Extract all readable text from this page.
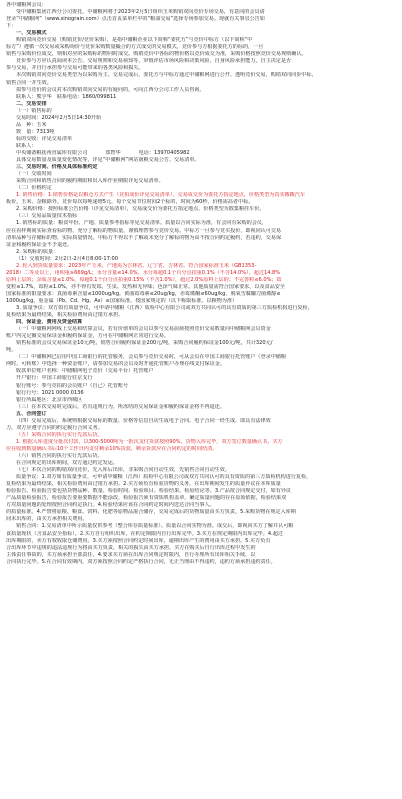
各中储粮网会员：
受中储粮集团江西分公司委托，中储粮网将于2023年2月5日组织玉米购销双向竞价专场交易，有意向的会员请
登录“中储粮网”（www.sinograin.com）点击首页菜单栏中的“粮油交易”选择专场参加交易。现就有关事宜公告如
下：
一、交易模式
购销双向竞价交易（购销竞价/竞价采购），是指中储粮企业以下简称“委托方”与竞价中标方（以下简称“中
标方”）遵循一次交易或采购询价与竞价采购数量撮合的方式成交的交易模式，竞价参与方根据委托方的标的，一旦
销售与采购价位成交，则相对应的采购标的物同时成交。购销竞价中各标的物价格以竞价成交为准，采购价格按照竞价交易规则确认。
竞价参与方应认真阅读本公告、交易规则和交易须知等，审慎评估市场风险和决策风险，自身风险承担能力，自主决定是否
参与交易，并自行承担参与交易可能带来的各类风险和损失。
本次购销双向竞价交易类型为以采购为主、交易完成后，委托方与中标方通过中储粮网进行公开、透明竞价交易，购销双向同步中标、
销售合同一并生效。
拟参与竞价的会员对本次购销双向交易的有疑问的，可向江西分公司工作人员咨询。
联系人：熊宇华　联系电话：1860/099811
二、交易安排
（一）销售标的
交易时间：2024年2月5日14:30开始
品　种：玉米
数　量：7313吨
标的交收：详见交易清单
联系人：
中央储备粮抚州直属库有限公司	郑智华	电话：13970405982
具体交易数量及质量变化情况等，详见“中储粮网”网站南粮交易公告、交易清单。
三、交易时间、价格及具体标准约定
（一）交收时间
采购合同和销售合同的履约期限和出入库作业期限详见交易清单。
（二）价格约定
1. 销售价格：1.销售价格是以粮仓方式产生（竞拍成价详见交易清单），交易成交价为委托方指定地点，价格类型为真实敞敞汽车
板价，玉米、杂粮除外。竞价每次每吨递增5元，每个交易节位时间2个标的，时间为60秒，价格需高者中标。
2. 采购价格：按照标准公告价格（详见交易清单），交易成交价为委托方指定地点，价格类型为散集粮挂车价。
（三）交易品质量技术指标
1. 销售标的质量：粮食年份、产地、质量参考指标等见交易清单。质量以合同实际为准，有会同有采购的会员，
应在看样期间实际查看标的物，充分了解标的物质量，谨慎理智参与竞价交易。中标方一旦参与竞买投价，即视同认可交易
清单品种与存储标的物，实际质量情况。中标方不得以不了解或未充分了解标的物为由不按合同约定履约，若违约，交易保
证金和履约保证金不予退还。
2. 采购标的质量：
（1）交收时间：2月2日-2月4日8:00-17:00
2. 轮入到货质量要求：2023年产玉米，产地需为吉林省、辽宁省、吉林省、符合国家标准玉米（GB1353-
2018）二等及以上，用积重≥669g/L；水分含量≤14.0%，水分每超0.1个百分点扣重0.1%（不含14.0%）。超过14.8%
原料上层的；杂质含量≤1.0%，每超0.1个百分点扣重0.15%（不含1.0%），超过2.0%原料上层的；不完善粒≤6.0%；霉
变粒≤1.7%，霉粒≤1.0%，亦不得有发霉、生虫、发热和无异味；色泽气味正常。其他质量需符合国家要求，以及食品安全
国家标准的限量要求：真菌毒素含量≤1000ug/kg，黄曲霉毒素≤20ug/kg，赤霉烯酮≤60ug/kg，脱氧雪腐镰刀菌烯醇≤
1000ug/kg，重金属（Pb、Cd、Hg、As）≤国家标准。按国家规定的（以下称取标准、以粮物为准）
3. 质量争议：双方如有质量争议，可申请中储粮（江西）质检中心有限公司或双方共同认可的具有资质的第三方质检机构进行复检，
复检结果为最终结果，相关检验费用由过错方承担。
四、保证金、费用及资金结算
（一）中储粮网网线上交易和结算会员，若有价值单的会员以参与交易前须按照竞价交易数量向中储粮网会员资金
账户内完足额交易保证金和履约保证金，方可在中储粮网正常进行交易。
销售标准的会员交易保证金10元/吨，销售合同履约保证金200元/吨，采购合同履约保证金100元/吨，共计320元/
吨。
（二）中储粮网已启用中国工商银行的托管服务，会员参与竞价交易时，可从会员在中国工商银行托管账户（登录中储粮
网时，可转账）中选择一种资金账户，请参加交易的会员及时开通托管账户办理在线支付保证金。
收款单位账户名称：中储粮网电子竞价（交易平台）托管账户
开户银行：中国工商银行驻京支行
银行账号：参与竞拍的会员账户（自己）托管账号
银行行号：1021 0000 0136
银行所属地区：北京市西城区
（三）在本次交易时完成后，若有违规行为，所冻结的交易保证金和履约保证金将不再退还。
五、合同签订
（四）交易完成后，系统则根据交易标的数量、价格等信息自动生成电子合同。电子合同一经生成，即具有法律效
力，双方应遵守合同的约定履行合同义务。
（五）采购合同的执行实行先款后货。
1. 根据入库进度分批次付款，以300-5000吨为一批次支付货款按照90%，货物入库完毕，双方签订数量确认书。买方
应在收到数量确认书后10个工作日内支付剩余10%货款，剩余货款应在合同约定的时间结清。
（六）销售合同的执行实行先款后货。
在合同规定的出库期间，双方通过约定发运。
（七）本次合同的购销双向竞价，先入库后出库，非采购合同自动生效，先销售合同自动生效。
质量争议：1.双方如有质量争议，可申请中储粮（江西）质检中心有限公司或双方共同认可的具有资质的第三方质检机构进行复检，
复检结果为最终结果，相关检验费用由过错方承担。2.买方须负有检验货物的义务，在出库期间发生的质量异议在本库质量
检验报告。检验报告要包括货物品种、数量、检验时间、检验项目、检验结果、检验结论等。3.产品按合同规定交付，如有异议
产品质量检验报告，检验报告要重要数据不能涂改，检验报告须有资质机构盖章，确定质量问题的存在原始依据，检验结果双
方对质量问题的处理按照合同约定执行。4.检验结果应该在合同约定时间内送达合同当事人。
的质量标准。4.严禁将原粮、粮食、饲料、化肥等原物品混合储存，交易完成后的货物质量由买方负责。5.采购货物在规定入库期
间未出库的，由买方承担相关费用。
销售合同：1.交易清单中所示质量仅供参考（整合库存质量标准）。质量以合同实物为准。成交后，即视同买方了解并认可粮
食质量现状（含食品安全指标）。2.买方自行组织出库，在约定期限内自行出库完毕。3.买方在规定期限内出库完毕。4.超过
出库期限的，卖方有权收取仓储费用。3.买方须按照合同约定时间出库，逾期出库产生的费用由买方承担。5.买方负有
合出库环节中违规的违法违规行为将由买方负责，相关的损失由买方承担。买方在购买后自行出库过程中发生的
主体责任事故的，买方须承担全部责任。4.要求买方须在出库合同规定时限内，自行办理所有出库相关手续，以
合同执行完毕。5.在合同有效期内，双方须按照合同约定严格执行合同，无正当理由不得违约，违约方须承担违约责任。
